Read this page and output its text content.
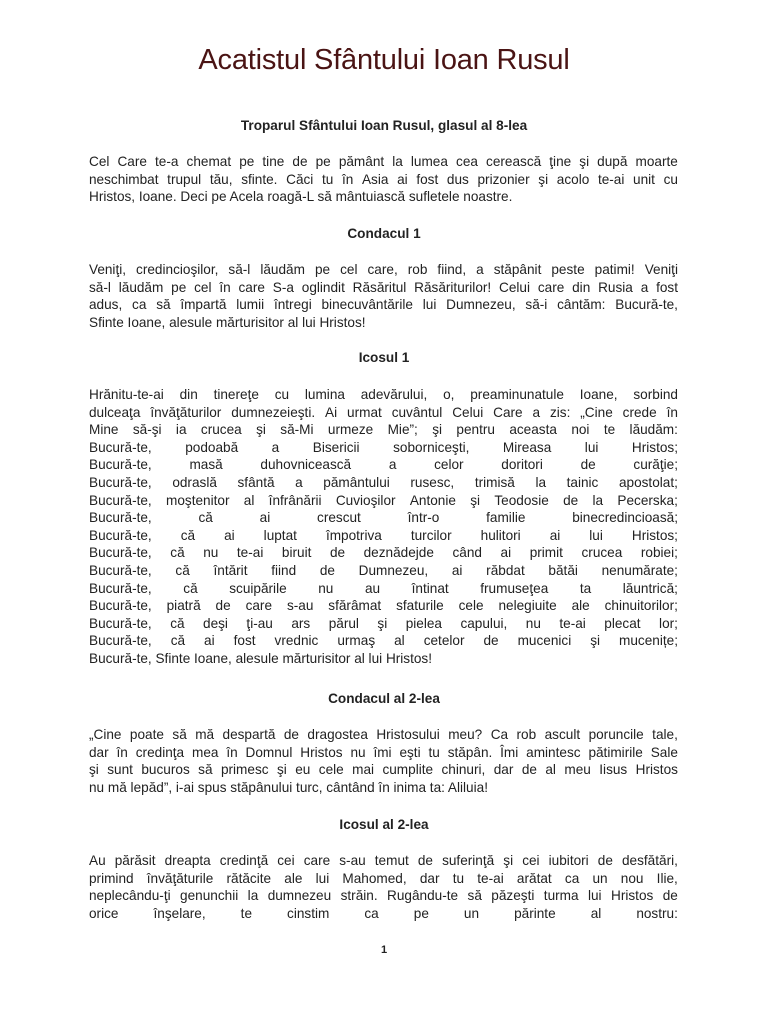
Acatistul Sfântului Ioan Rusul
Troparul Sfântului Ioan Rusul, glasul al 8-lea
Cel Care te-a chemat pe tine de pe pământ la lumea cea cerească ţine şi după moarte
neschimbat trupul tău, sfinte. Căci tu în Asia ai fost dus prizonier şi acolo te-ai unit cu
Hristos, Ioane. Deci pe Acela roagă-L să mântuiască sufletele noastre.
Condacul 1
Veniţi, credincioşilor, să-l lăudăm pe cel care, rob fiind, a stăpânit peste patimi! Veniţi
să-l lăudăm pe cel în care S-a oglindit Răsăritul Răsăriturilor! Celui care din Rusia a fost
adus, ca să împartă lumii întregi binecuvântările lui Dumnezeu, să-i cântăm: Bucură-te,
Sfinte Ioane, alesule mărturisitor al lui Hristos!
Icosul 1
Hrănitu-te-ai din tinereţe cu lumina adevărului, o, preaminunatule Ioane, sorbind
dulceaţa învăţăturilor dumnezeieşti. Ai urmat cuvântul Celui Care a zis: „Cine crede în
Mine să-şi ia crucea şi să-Mi urmeze Mie”; şi pentru aceasta noi te lăudăm:
Bucură-te, podoabă a Bisericii soborniceşti, Mireasa lui Hristos;
Bucură-te,	masă	duhovnicească	a	celor	doritori	de	curăţie;
Bucură-te, odraslă sfântă a pământului rusesc, trimisă la tainic apostolat;
Bucură-te, moştenitor al înfrânării Cuvioşilor Antonie şi Teodosie de la Pecerska;
Bucură-te,	că	ai	crescut	într-o	familie	binecredincioasă;
Bucură-te, că ai luptat împotriva turcilor hulitori ai lui Hristos;
Bucură-te, că nu te-ai biruit de deznădejde când ai primit crucea robiei;
Bucură-te, că întărit fiind de Dumnezeu, ai răbdat bătăi nenumărate;
Bucură-te, că scuipările nu au întinat frumuseţea ta lăuntrică;
Bucură-te, piatră de care s-au sfărâmat sfaturile cele nelegiuite ale chinuitorilor;
Bucură-te, că deşi ţi-au ars părul şi pielea capului, nu te-ai plecat lor;
Bucură-te, că ai fost vrednic urmaş al cetelor de mucenici şi mucenițe;
Bucură-te, Sfinte Ioane, alesule mărturisitor al lui Hristos!
Condacul al 2-lea
„Cine poate să mă despartă de dragostea Hristosului meu? Ca rob ascult poruncile tale,
dar în credinţa mea în Domnul Hristos nu îmi eşti tu stăpân. Îmi amintesc pătimirile Sale
şi sunt bucuros să primesc şi eu cele mai cumplite chinuri, dar de al meu Iisus Hristos
nu mă lepăd”, i-ai spus stăpânului turc, cântând în inima ta: Aliluia!
Icosul al 2-lea
Au părăsit dreapta credinţă cei care s-au temut de suferinţă şi cei iubitori de desfătări,
primind învăţăturile rătăcite ale lui Mahomed, dar tu te-ai arătat ca un nou Ilie,
neplecându-ţi genunchii la dumnezeu străin. Rugându-te să păzeşti turma lui Hristos de
orice	înşelare,	te	cinstim	ca	pe	un	părinte	al	nostru:
1
